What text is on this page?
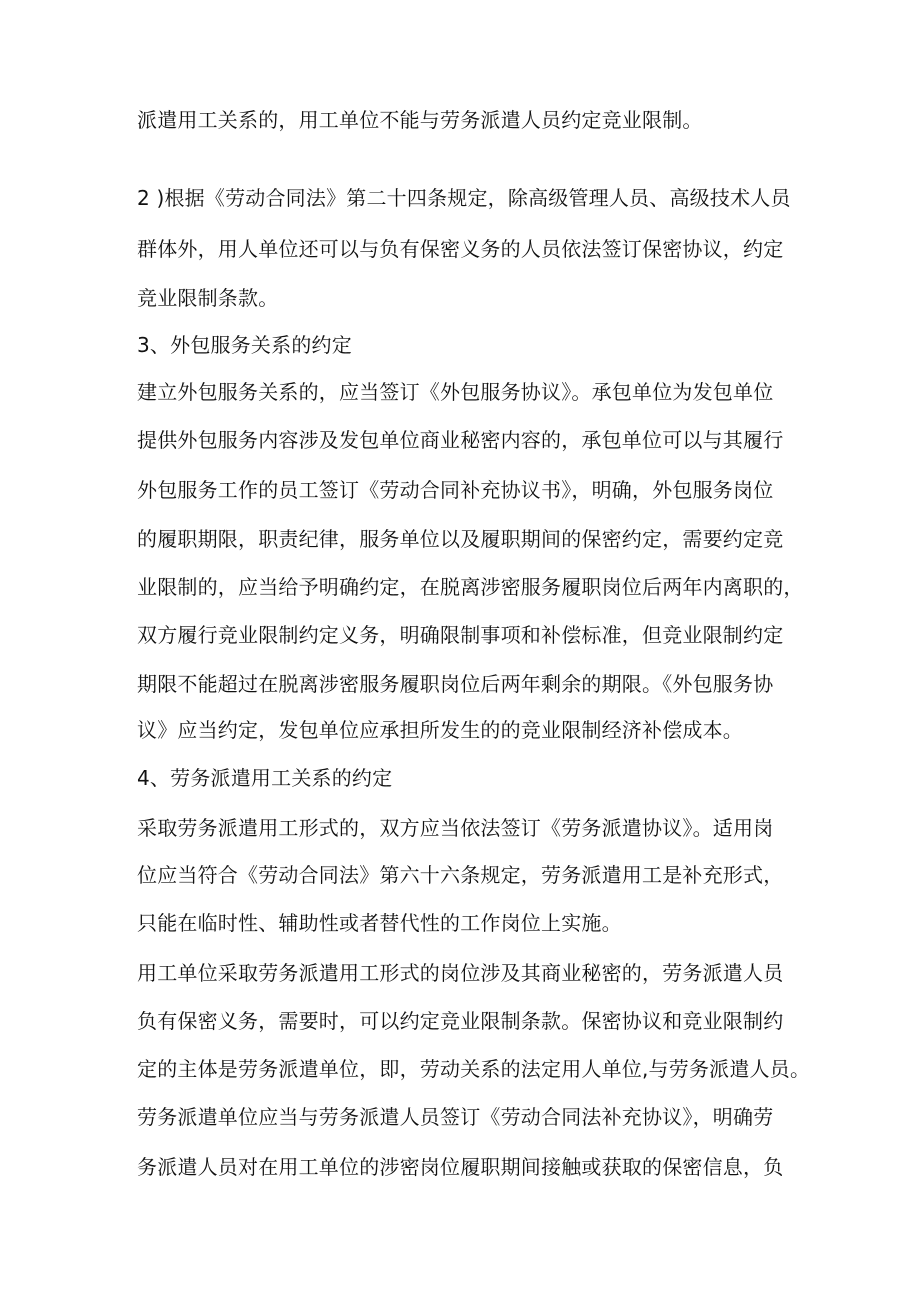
派遣用工关系的，用工单位不能与劳务派遣人员约定竞业限制。

2 )根据《劳动合同法》第二十四条规定，除高级管理人员、高级技术人员

群体外，用人单位还可以与负有保密义务的人员依法签订保密协议，约定

竞业限制条款。

3、外包服务关系的约定

建立外包服务关系的，应当签订《外包服务协议》。承包单位为发包单位

提供外包服务内容涉及发包单位商业秘密内容的，承包单位可以与其履行

外包服务工作的员工签订《劳动合同补充协议书》，明确，外包服务岗位

的履职期限，职责纪律，服务单位以及履职期间的保密约定，需要约定竞

业限制的，应当给予明确约定，在脱离涉密服务履职岗位后两年内离职的，

双方履行竞业限制约定义务，明确限制事项和补偿标准，但竞业限制约定

期限不能超过在脱离涉密服务履职岗位后两年剩余的期限。《外包服务协

议》应当约定，发包单位应承担所发生的的竞业限制经济补偿成本。

4、劳务派遣用工关系的约定

采取劳务派遣用工形式的，双方应当依法签订《劳务派遣协议》。适用岗

位应当符合《劳动合同法》第六十六条规定，劳务派遣用工是补充形式，

只能在临时性、辅助性或者替代性的工作岗位上实施。

用工单位采取劳务派遣用工形式的岗位涉及其商业秘密的，劳务派遣人员

负有保密义务，需要时，可以约定竞业限制条款。保密协议和竞业限制约

定的主体是劳务派遣单位，即，劳动关系的法定用人单位,与劳务派遣人员。

劳务派遣单位应当与劳务派遣人员签订《劳动合同法补充协议》，明确劳

务派遣人员对在用工单位的涉密岗位履职期间接触或获取的保密信息，负
